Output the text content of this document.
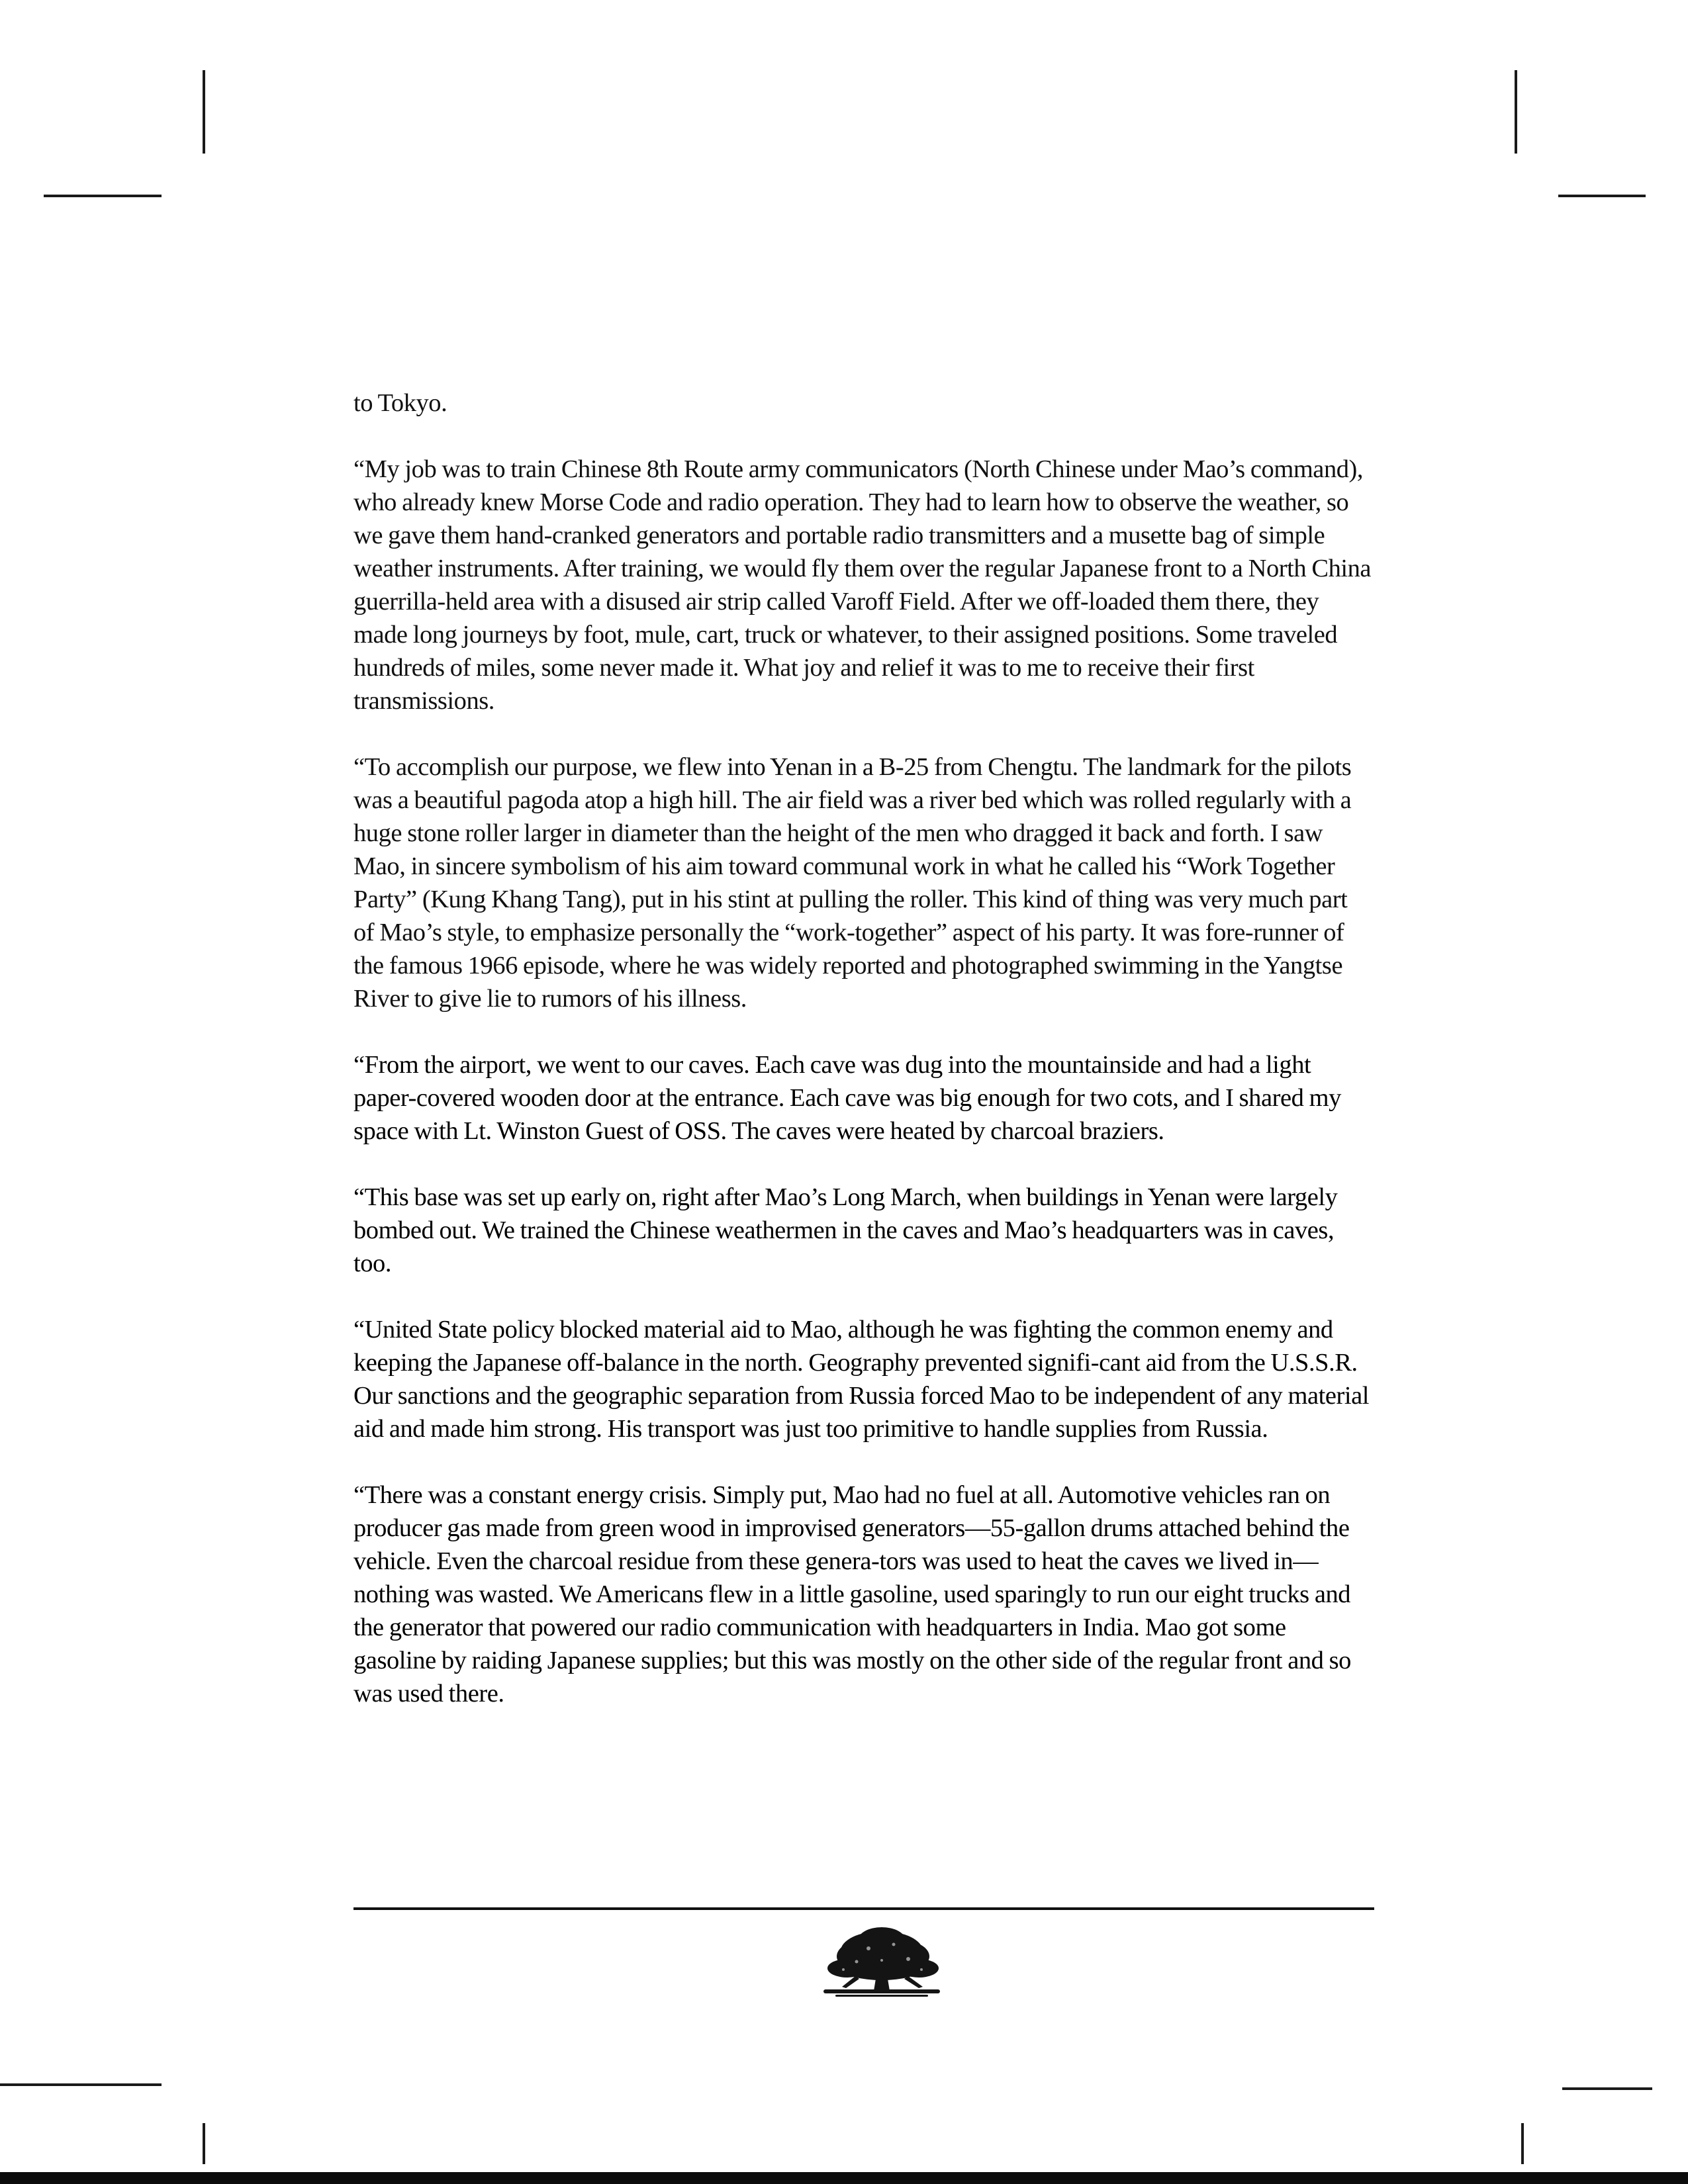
to Tokyo.

“My job was to train Chinese 8th Route army communicators (North Chinese under Mao’s command), who already knew Morse Code and radio operation. They had to learn how to observe the weather, so we gave them hand-cranked generators and portable radio transmitters and a musette bag of simple weather instruments. After training, we would fly them over the regular Japanese front to a North China guerrilla-held area with a disused air strip called Varoff Field. After we off-loaded them there, they made long journeys by foot, mule, cart, truck or whatever, to their assigned positions. Some traveled hundreds of miles, some never made it. What joy and relief it was to me to receive their first transmissions.

“To accomplish our purpose, we flew into Yenan in a B-25 from Chengtu. The landmark for the pilots was a beautiful pagoda atop a high hill. The air field was a river bed which was rolled regularly with a huge stone roller larger in diameter than the height of the men who dragged it back and forth. I saw Mao, in sincere symbolism of his aim toward communal work in what he called his “Work Together Party” (Kung Khang Tang), put in his stint at pulling the roller. This kind of thing was very much part of Mao’s style, to emphasize personally the “work-together” aspect of his party. It was fore-runner of the famous 1966 episode, where he was widely reported and photographed swimming in the Yangtse River to give lie to rumors of his illness.

“From the airport, we went to our caves. Each cave was dug into the mountainside and had a light paper-covered wooden door at the entrance. Each cave was big enough for two cots, and I shared my space with Lt. Winston Guest of OSS. The caves were heated by charcoal braziers.

“This base was set up early on, right after Mao’s Long March, when buildings in Yenan were largely bombed out. We trained the Chinese weathermen in the caves and Mao’s headquarters was in caves, too.

“United State policy blocked material aid to Mao, although he was fighting the common enemy and keeping the Japanese off-balance in the north. Geography prevented signifi-cant aid from the U.S.S.R. Our sanctions and the geographic separation from Russia forced Mao to be independent of any material aid and made him strong. His transport was just too primitive to handle supplies from Russia.

“There was a constant energy crisis. Simply put, Mao had no fuel at all. Automotive vehicles ran on producer gas made from green wood in improvised generators—55-gallon drums attached behind the vehicle. Even the charcoal residue from these genera-tors was used to heat the caves we lived in—nothing was wasted. We Americans flew in a little gasoline, used sparingly to run our eight trucks and the generator that powered our radio communication with headquarters in India. Mao got some gasoline by raiding Japanese supplies; but this was mostly on the other side of the regular front and so was used there.
